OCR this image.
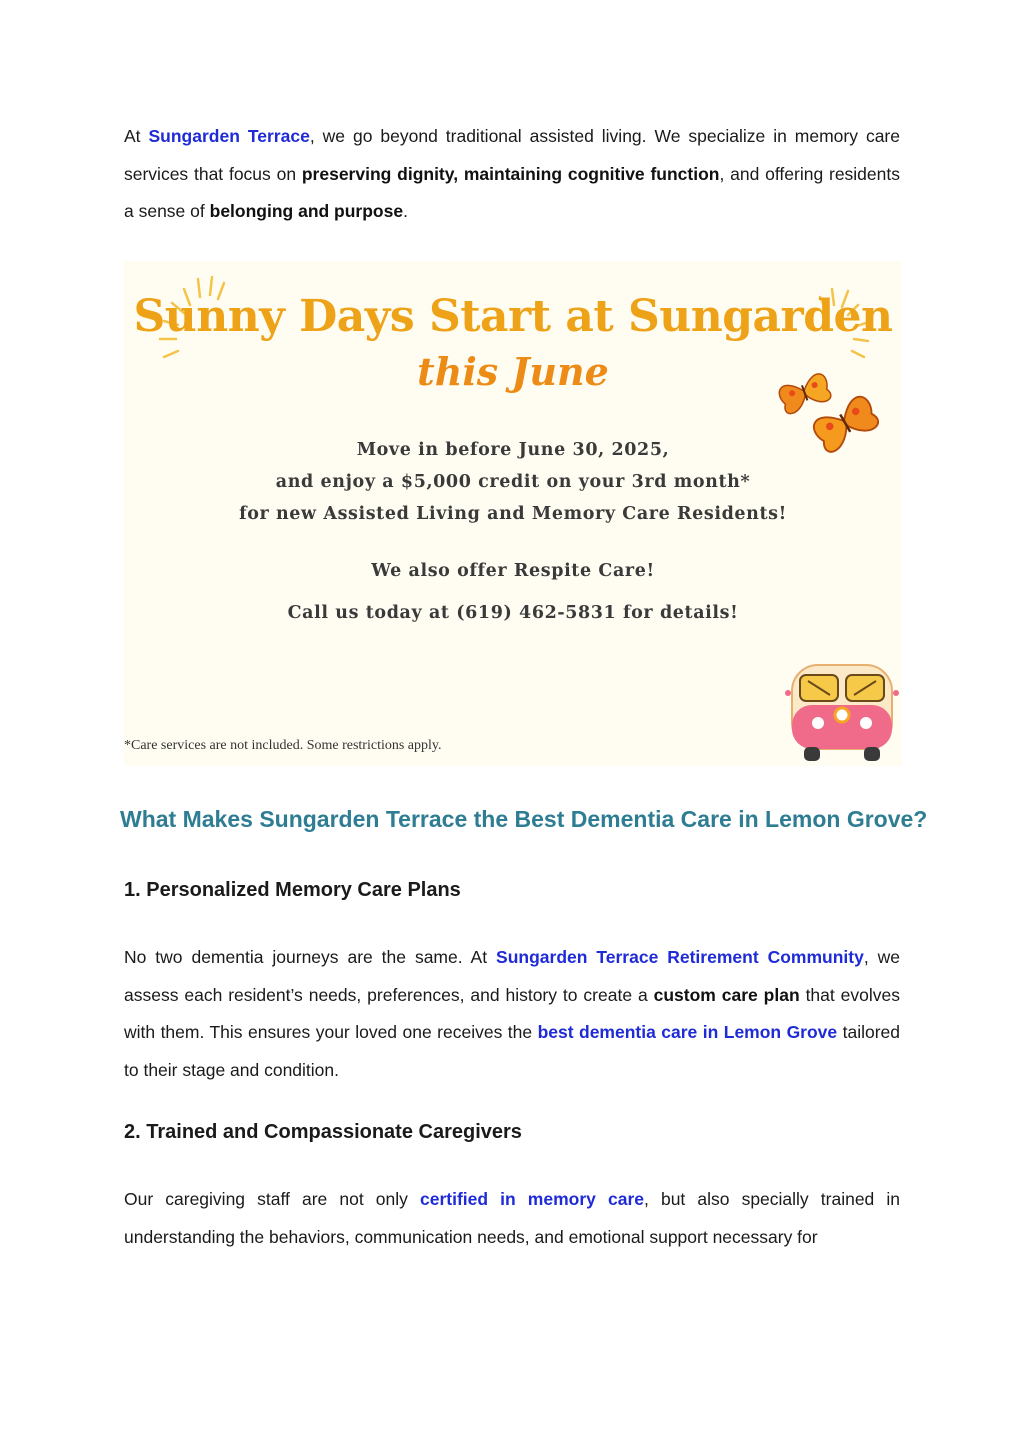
At Sungarden Terrace, we go beyond traditional assisted living. We specialize in memory care services that focus on preserving dignity, maintaining cognitive function, and offering residents a sense of belonging and purpose.

Sunny Days Start at Sungarden

this June

Move in before June 30, 2025,

and enjoy a $5,000 credit on your 3rd month*

for new Assisted Living and Memory Care Residents!

We also offer Respite Care!

Call us today at (619) 462-5831 for details!

*Care services are not included. Some restrictions apply.

What Makes Sungarden Terrace the Best Dementia Care in Lemon Grove?
1. Personalized Memory Care Plans

No two dementia journeys are the same. At Sungarden Terrace Retirement Community, we assess each resident’s needs, preferences, and history to create a custom care plan that evolves with them. This ensures your loved one receives the best dementia care in Lemon Grove tailored to their stage and condition.

2. Trained and Compassionate Caregivers

Our caregiving staff are not only certified in memory care, but also specially trained in understanding the behaviors, communication needs, and emotional support necessary for
